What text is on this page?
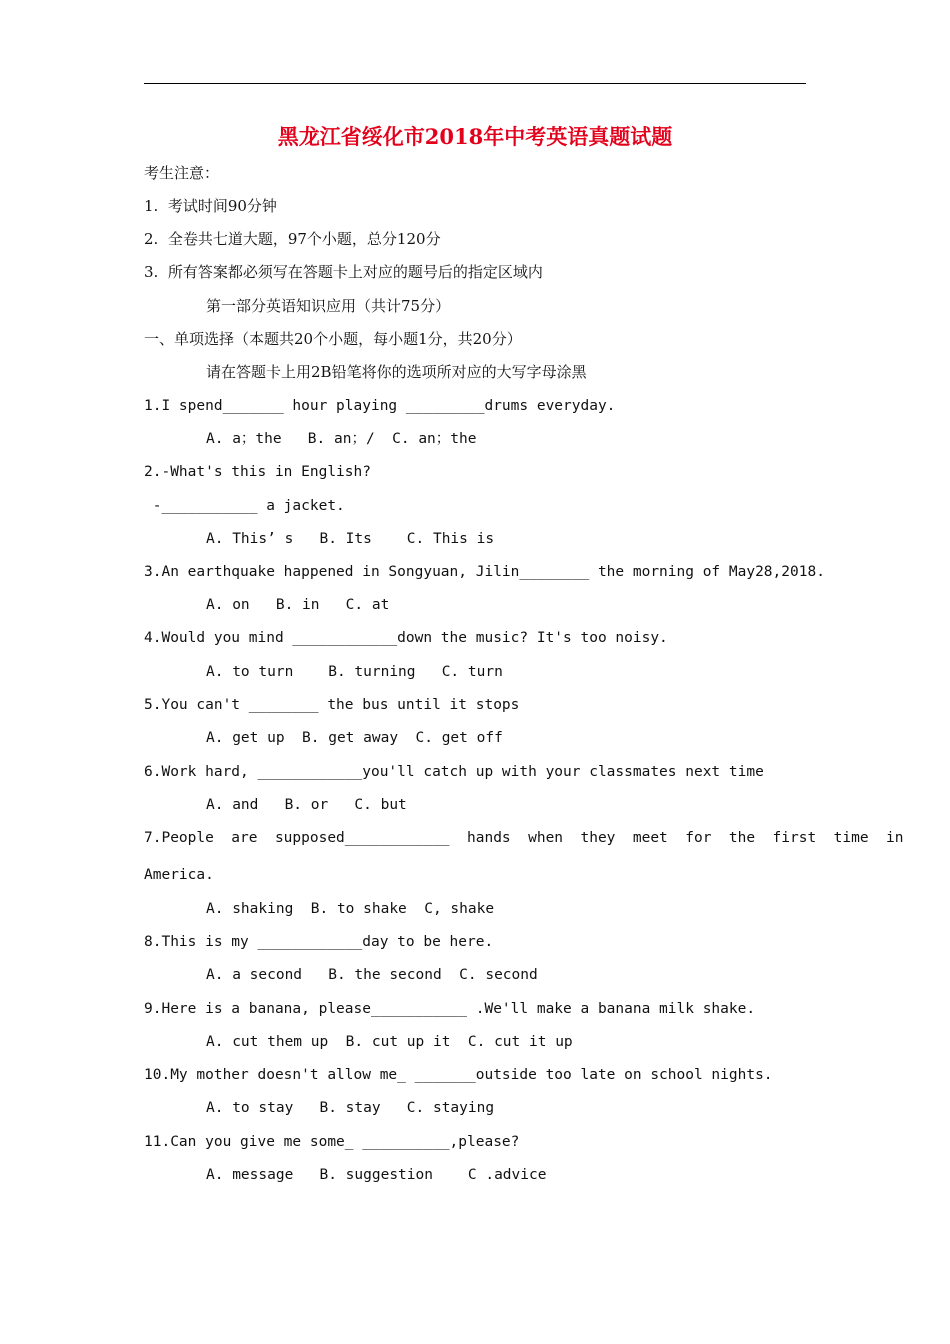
黑龙江省绥化市2018年中考英语真题试题
考生注意：
1.  考试时间90分钟
2.  全卷共七道大题，97个小题，总分120分
3.  所有答案都必须写在答题卡上对应的题号后的指定区域内
第一部分英语知识应用（共计75分）
一、单项选择（本题共20个小题，每小题1分，共20分）
请在答题卡上用2B铅笔将你的选项所对应的大写字母涂黑
1.I spend_______ hour playing _________drums everyday.
A. a；the   B. an；/  C. an；the
2.-What's this in English?
-___________ a jacket.
A. This’ s   B. Its    C. This is
3.An earthquake happened in Songyuan, Jilin________ the morning of May28,2018.
A. on   B. in   C. at
4.Would you mind ____________down the music? It's too noisy.
A. to turn    B. turning   C. turn
5.You can't ________ the bus until it stops
A. get up  B. get away  C. get off
6.Work hard, ____________you'll catch up with your classmates next time
A. and   B. or   C. but
7.People  are  supposed____________  hands  when  they  meet  for  the  first  time  in
America.
A. shaking  B. to shake  C, shake
8.This is my ____________day to be here.
A. a second   B. the second  C. second
9.Here is a banana, please___________ .We'll make a banana milk shake.
A. cut them up  B. cut up it  C. cut it up
10.My mother doesn't allow me_ _______outside too late on school nights.
A. to stay   B. stay   C. staying
11.Can you give me some_ __________,please?
A. message   B. suggestion    C .advice
